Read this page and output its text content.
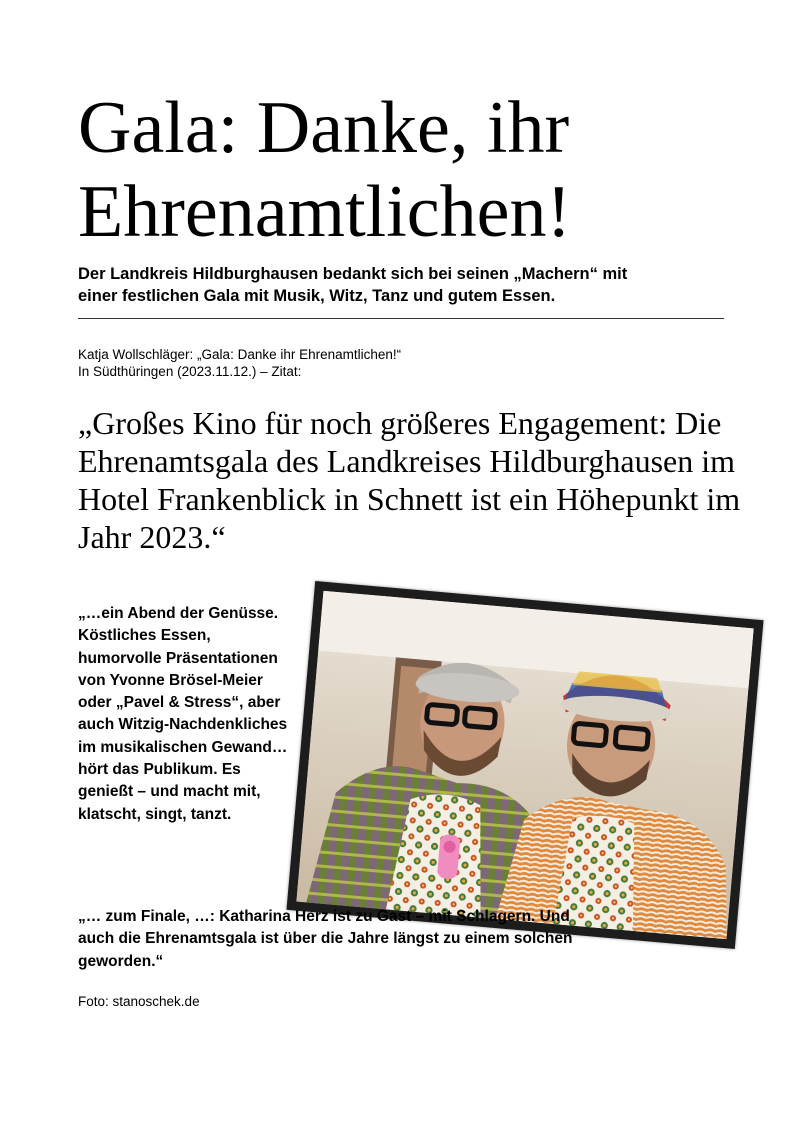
Gala: Danke, ihr
Ehrenamtlichen!

Der Landkreis Hildburghausen bedankt sich bei seinen „Machern“ mit
einer festlichen Gala mit Musik, Witz, Tanz und gutem Essen.

Katja Wollschläger: „Gala: Danke ihr Ehrenamtlichen!“
In Südthüringen (2023.11.12.) – Zitat:

„Großes Kino für noch größeres Engagement: Die Ehrenamtsgala des Landkreises Hildburghausen im Hotel Frankenblick in Schnett ist ein Höhepunkt im Jahr 2023.“

„…ein Abend der Genüsse. Köstliches Essen, humorvolle Präsentationen von Yvonne Brösel-Meier oder „Pavel & Stress“, aber auch Witzig-Nachdenkliches im musikalischen Gewand… hört das Publikum. Es genießt – und macht mit, klatscht, singt, tanzt.

„… zum Finale, …: Katharina Herz ist zu Gast – mit Schlagern. Und auch die Ehrenamtsgala ist über die Jahre längst zu einem solchen geworden.“

Foto: stanoschek.de
